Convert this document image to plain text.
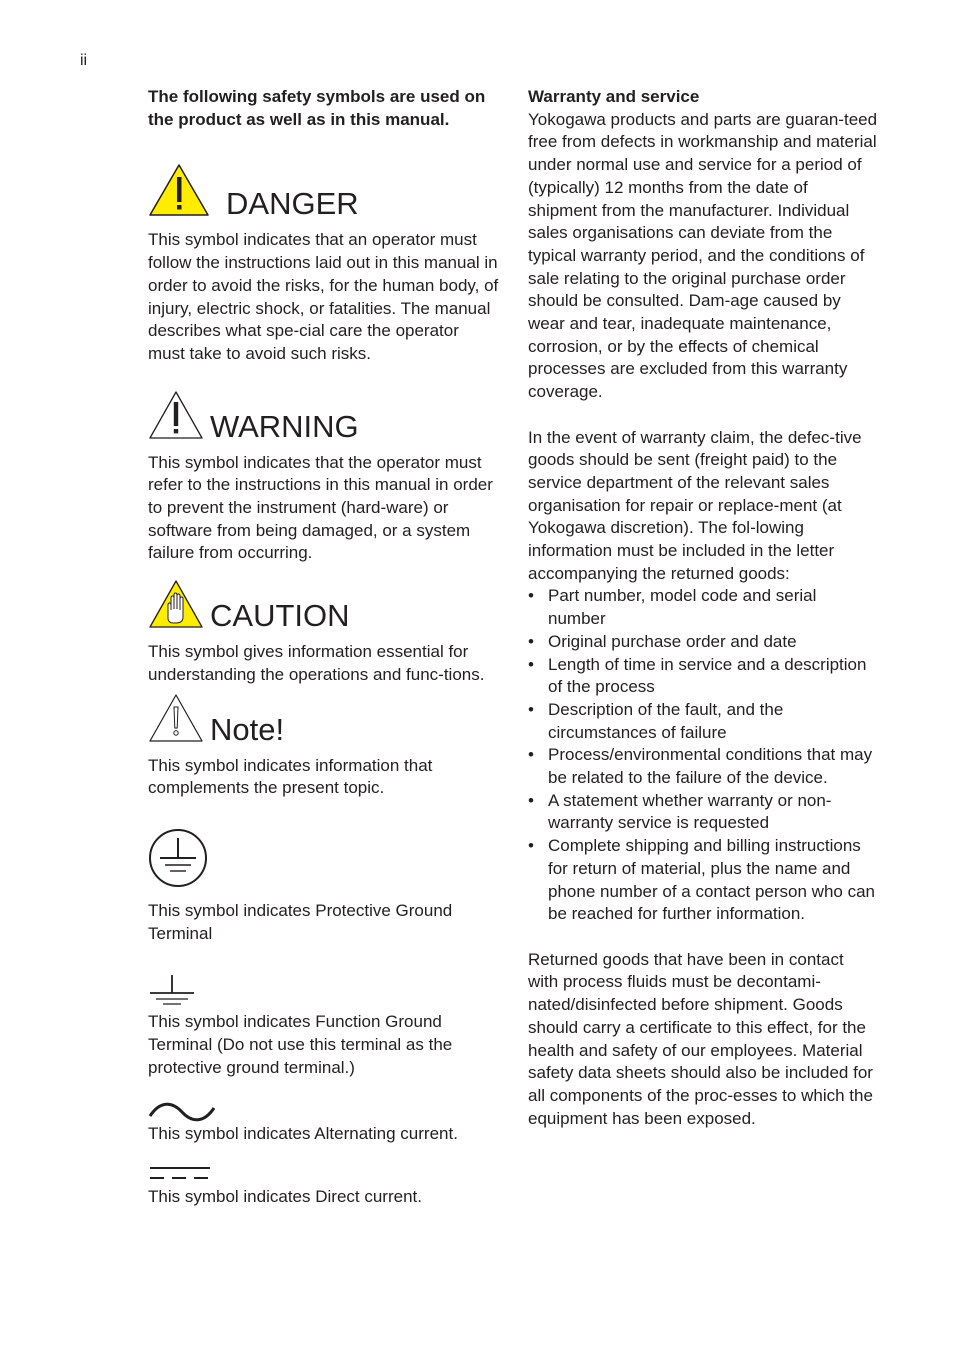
ii

The following safety symbols are used on the product as well as in this manual.

DANGER

This symbol indicates that an operator must follow the instructions laid out in this manual in order to avoid the risks, for the human body, of injury, electric shock, or fatalities. The manual describes what spe-cial care the operator must take to avoid such risks.

WARNING

This symbol indicates that the operator must refer to the instructions in this manual in order to prevent the instrument (hard-ware) or software from being damaged, or a system failure from occurring.

CAUTION

This symbol gives information essential for understanding the operations and func-tions.

Note!

This symbol indicates information that complements the present topic.

This symbol indicates Protective Ground Terminal

This symbol indicates Function Ground Terminal (Do not use this terminal as the protective ground terminal.)

This symbol indicates Alternating current.

This symbol indicates Direct current.

Warranty and service

Yokogawa products and parts are guaran-teed free from defects in workmanship and material under normal use and service for a period of (typically) 12 months from the date of shipment from the manufacturer. Individual sales organisations can deviate from the typical warranty period, and the conditions of sale relating to the original purchase order should be consulted. Dam-age caused by wear and tear, inadequate maintenance, corrosion, or by the effects of chemical processes are excluded from this warranty coverage.

In the event of warranty claim, the defec-tive goods should be sent (freight paid) to the service department of the relevant sales organisation for repair or replace-ment (at Yokogawa discretion). The fol-lowing information must be included in the letter accompanying the returned goods:

• Part number, model code and serial number
• Original purchase order and date
• Length of time in service and a description of the process
• Description of the fault, and the circumstances of failure
• Process/environmental conditions that may be related to the failure of the device.
• A statement whether warranty or non-warranty service is requested
• Complete shipping and billing instructions for return of material, plus the name and phone number of a contact person who can be reached for further information.

Returned goods that have been in contact with process fluids must be decontami-nated/disinfected before shipment. Goods should carry a certificate to this effect, for the health and safety of our employees. Material safety data sheets should also be included for all components of the proc-esses to which the equipment has been exposed.
